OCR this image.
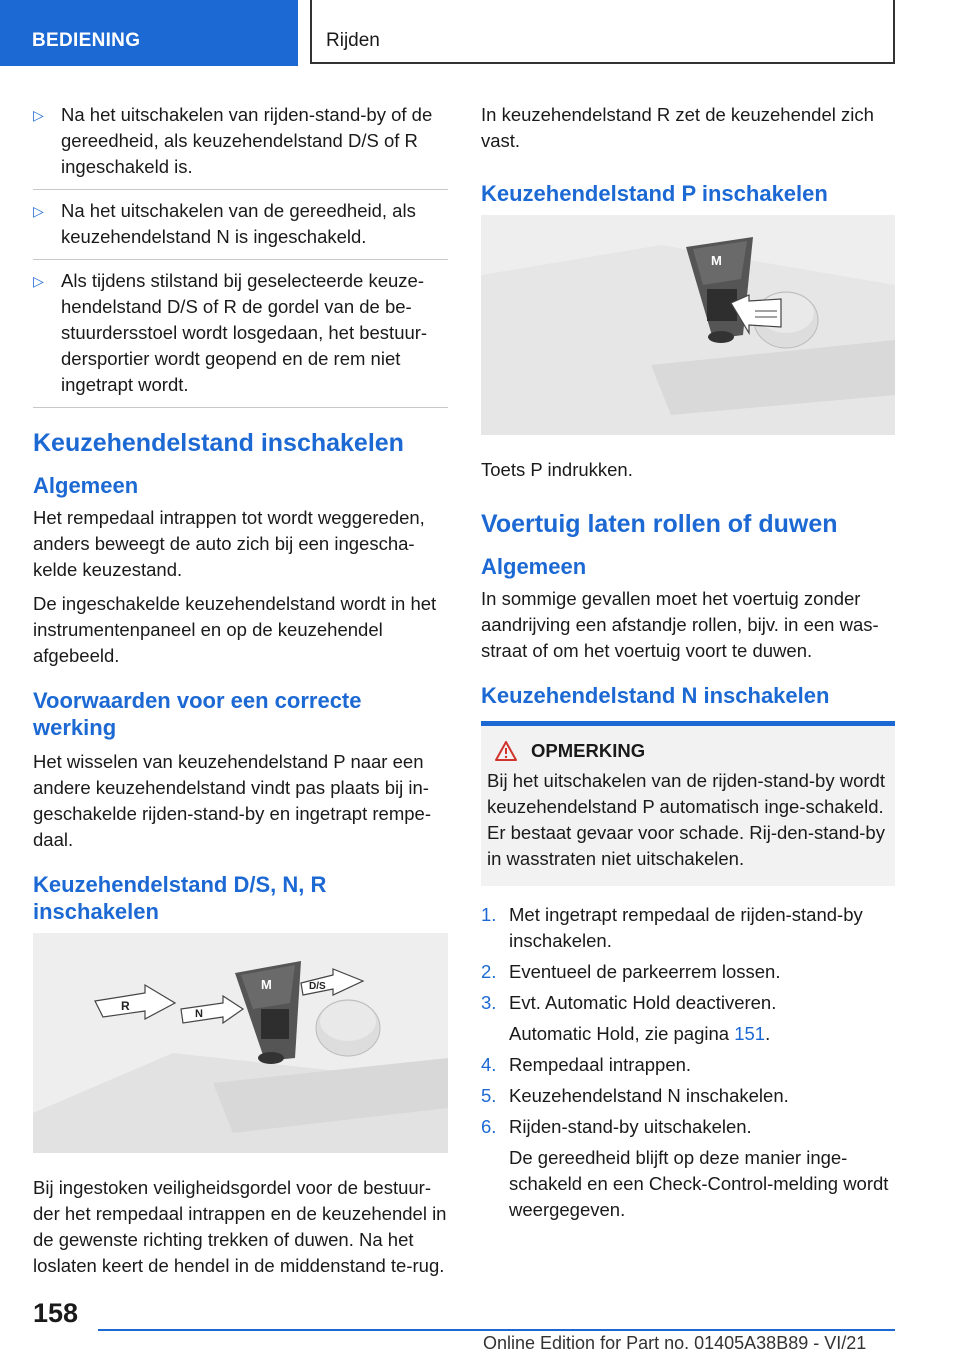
BEDIENING	Rijden
▷ Na het uitschakelen van rijden-stand-by of de gereedheid, als keuzehendelstand D/S of R ingeschakeld is.
▷ Na het uitschakelen van de gereedheid, als keuzehendelstand N is ingeschakeld.
▷ Als tijdens stilstand bij geselecteerde keuze-hendelstand D/S of R de gordel van de be-stuurdersstoel wordt losgedaan, het bestuur-dersportier wordt geopend en de rem niet ingetrapt wordt.
Keuzehendelstand inschakelen
Algemeen

Het rempedaal intrappen tot wordt weggereden, anders beweegt de auto zich bij een ingescha-kelde keuzestand.

De ingeschakelde keuzehendelstand wordt in het instrumentenpaneel en op de keuzehendel afgebeeld.

Voorwaarden voor een correcte werking

Het wisselen van keuzehendelstand P naar een andere keuzehendelstand vindt pas plaats bij in-geschakelde rijden-stand-by en ingetrapt rempe-daal.

Keuzehendelstand D/S, N, R inschakelen
M
R
N
D/S

Bij ingestoken veiligheidsgordel voor de bestuur-der het rempedaal intrappen en de keuzehendel in de gewenste richting trekken of duwen. Na het loslaten keert de hendel in de middenstand te-rug.

In keuzehendelstand R zet de keuzehendel zich vast.

Keuzehendelstand P inschakelen
M

Toets P indrukken.

Voertuig laten rollen of duwen
Algemeen

In sommige gevallen moet het voertuig zonder aandrijving een afstandje rollen, bijv. in een was-straat of om het voertuig voort te duwen.

Keuzehendelstand N inschakelen
OPMERKING

Bij het uitschakelen van de rijden-stand-by wordt keuzehendelstand P automatisch inge-schakeld. Er bestaat gevaar voor schade. Rij-den-stand-by in wasstraten niet uitschakelen.

1. Met ingetrapt rempedaal de rijden-stand-by inschakelen.
2. Eventueel de parkeerrem lossen.
3. Evt. Automatic Hold deactiveren.
Automatic Hold, zie pagina 151.
4. Rempedaal intrappen.
5. Keuzehendelstand N inschakelen.
6. Rijden-stand-by uitschakelen.
De gereedheid blijft op deze manier inge-schakeld en een Check-Control-melding wordt weergegeven.
158
Online Edition for Part no. 01405A38B89 - VI/21
